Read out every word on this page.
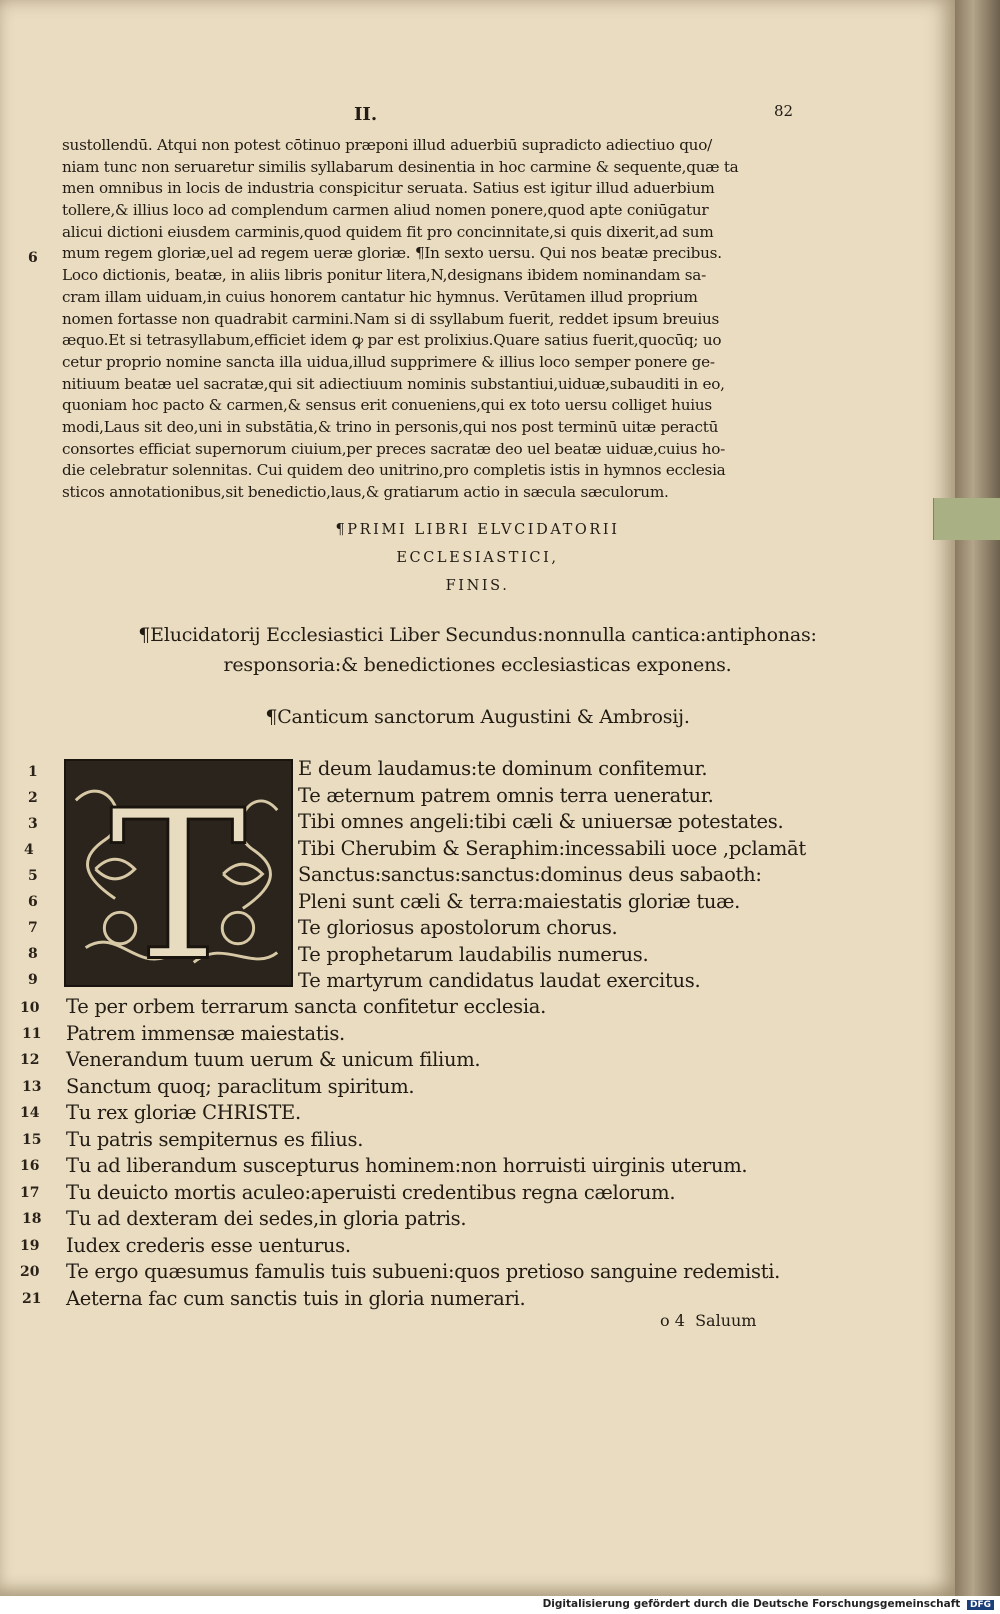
II.	82
sustollendū. Atqui non potest cōtinuo præponi illud aduerbiū supradicto adiectiuo quo/
niam tunc non seruaretur similis syllabarum desinentia in hoc carmine & sequente,quæ ta
men omnibus in locis de industria conspicitur seruata. Satius est igitur illud aduerbium
tollere,& illius loco ad complendum carmen aliud nomen ponere,quod apte coniūgatur
alicui dictioni eiusdem carminis,quod quidem fit pro concinnitate,si quis dixerit,ad sum
mum regem gloriæ,uel ad regem ueræ gloriæ. ¶In sexto uersu. Qui nos beatæ precibus.
Loco dictionis, beatæ, in aliis libris ponitur litera,N,designans ibidem nominandam sa-
cram illam uiduam,in cuius honorem cantatur hic hymnus. Verūtamen illud proprium
nomen fortasse non quadrabit carmini.Nam si di ssyllabum fuerit, reddet ipsum breuius
æquo.Et si tetrasyllabum,efficiet idem ꝙ par est prolixius.Quare satius fuerit,quocūq; uo
cetur proprio nomine sancta illa uidua,illud supprimere & illius loco semper ponere ge-
nitiuum beatæ uel sacratæ,qui sit adiectiuum nominis substantiui,uiduæ,subauditi in eo,
quoniam hoc pacto & carmen,& sensus erit conueniens,qui ex toto uersu colliget huius
modi,Laus sit deo,uni in substātia,& trino in personis,qui nos post terminū uitæ peractū
consortes efficiat supernorum ciuium,per preces sacratæ deo uel beatæ uiduæ,cuius ho-
die celebratur solennitas. Cui quidem deo unitrino,pro completis istis in hymnos ecclesia
sticos annotationibus,sit benedictio,laus,& gratiarum actio in sæcula sæculorum.
6
¶PRIMI LIBRI ELVCIDATORII
ECCLESIASTICI,
FINIS.
¶Elucidatorij Ecclesiastici Liber Secundus:nonnulla cantica:antiphonas:
responsoria:& benedictiones ecclesiasticas exponens.
¶Canticum sanctorum Augustini & Ambrosij.
T	E deum laudamus:te dominum confitemur.
Te æternum patrem omnis terra ueneratur.
Tibi omnes angeli:tibi cæli & uniuersæ potestates.
Tibi Cherubim & Seraphim:incessabili uoce ,pclamāt
Sanctus:sanctus:sanctus:dominus deus sabaoth:
Pleni sunt cæli & terra:maiestatis gloriæ tuæ.
Te gloriosus apostolorum chorus.
Te prophetarum laudabilis numerus.
Te martyrum candidatus laudat exercitus.
Te per orbem terrarum sancta confitetur ecclesia.
Patrem immensæ maiestatis.
Venerandum tuum uerum & unicum filium.
Sanctum quoq; paraclitum spiritum.
Tu rex gloriæ CHRISTE.
Tu patris sempiternus es filius.
Tu ad liberandum suscepturus hominem:non horruisti uirginis uterum.
Tu deuicto mortis aculeo:aperuisti credentibus regna cælorum.
Tu ad dexteram dei sedes,in gloria patris.
Iudex crederis esse uenturus.
Te ergo quæsumus famulis tuis subueni:quos pretioso sanguine redemisti.
Aeterna fac cum sanctis tuis in gloria numerari.
1
2
3
4
5
6
7
8
9
10
11
12
13
14
15
16
17
18
19
20
21
o 4 Saluum
Digitalisierung gefördert durch die Deutsche Forschungsgemeinschaft DFG
